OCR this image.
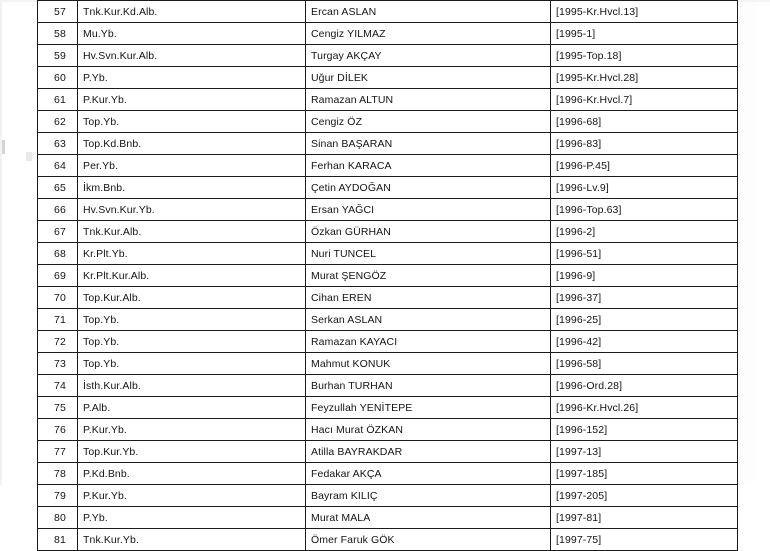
57	Tnk.Kur.Kd.Alb.	Ercan ASLAN	[1995-Kr.Hvcl.13]
58	Mu.Yb.	Cengiz YILMAZ	[1995-1]
59	Hv.Svn.Kur.Alb.	Turgay AKÇAY	[1995-Top.18]
60	P.Yb.	Uğur DİLEK	[1995-Kr.Hvcl.28]
61	P.Kur.Yb.	Ramazan ALTUN	[1996-Kr.Hvcl.7]
62	Top.Yb.	Cengiz ÖZ	[1996-68]
63	Top.Kd.Bnb.	Sinan BAŞARAN	[1996-83]
64	Per.Yb.	Ferhan KARACA	[1996-P.45]
65	İkm.Bnb.	Çetin AYDOĞAN	[1996-Lv.9]
66	Hv.Svn.Kur.Yb.	Ersan YAĞCI	[1996-Top.63]
67	Tnk.Kur.Alb.	Özkan GÜRHAN	[1996-2]
68	Kr.Plt.Yb.	Nuri TUNCEL	[1996-51]
69	Kr.Plt.Kur.Alb.	Murat ŞENGÖZ	[1996-9]
70	Top.Kur.Alb.	Cihan EREN	[1996-37]
71	Top.Yb.	Serkan ASLAN	[1996-25]
72	Top.Yb.	Ramazan KAYACI	[1996-42]
73	Top.Yb.	Mahmut KONUK	[1996-58]
74	İsth.Kur.Alb.	Burhan TURHAN	[1996-Ord.28]
75	P.Alb.	Feyzullah YENİTEPE	[1996-Kr.Hvcl.26]
76	P.Kur.Yb.	Hacı Murat ÖZKAN	[1996-152]
77	Top.Kur.Yb.	Atilla BAYRAKDAR	[1997-13]
78	P.Kd.Bnb.	Fedakar AKÇA	[1997-185]
79	P.Kur.Yb.	Bayram KILIÇ	[1997-205]
80	P.Yb.	Murat MALA	[1997-81]
81	Tnk.Kur.Yb.	Ömer Faruk GÖK	[1997-75]
